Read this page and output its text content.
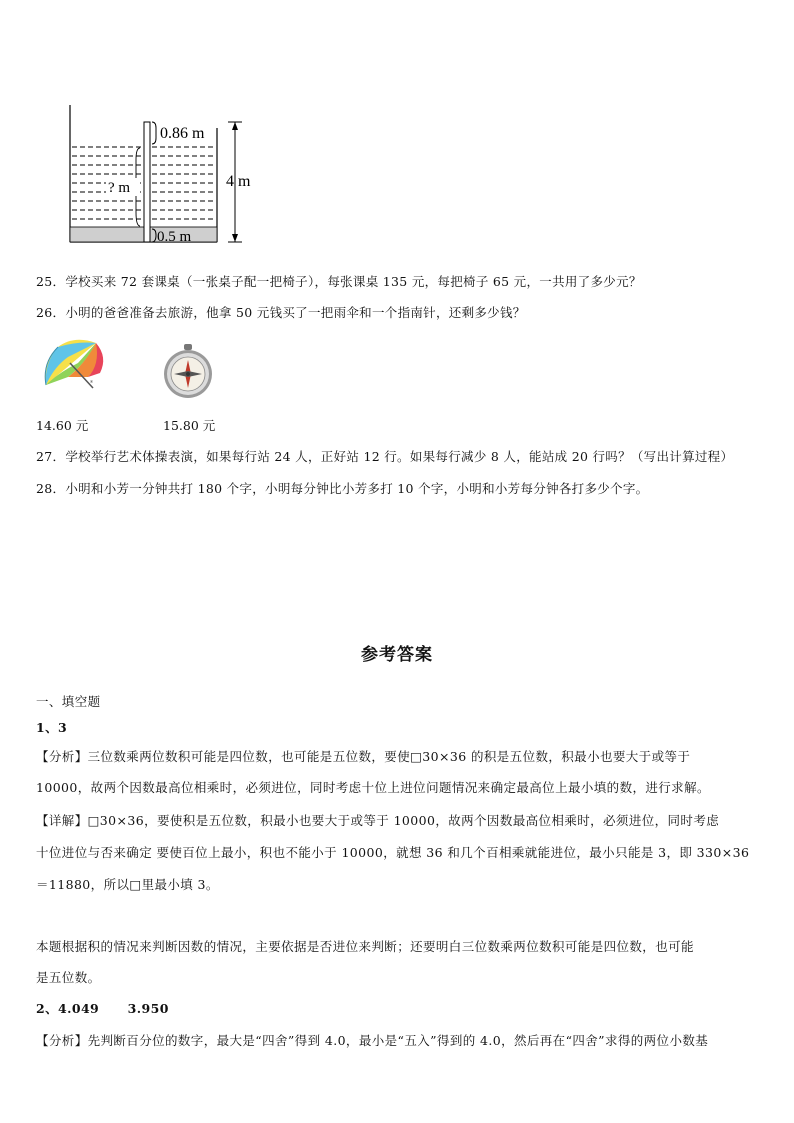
0.86 m
? m	4 m
0.5 m
25．学校买来 72 套课桌（一张桌子配一把椅子），每张课桌 135 元，每把椅子 65 元，一共用了多少元？
26．小明的爸爸准备去旅游，他拿 50 元钱买了一把雨伞和一个指南针，还剩多少钱？
*
14.60 元	15.80 元
27．学校举行艺术体操表演，如果每行站 24 人，正好站 12 行。如果每行减少 8 人，能站成 20 行吗？（写出计算过程）
28．小明和小芳一分钟共打 180 个字，小明每分钟比小芳多打 10 个字，小明和小芳每分钟各打多少个字。
参考答案
一、填空题
1、3
【分析】三位数乘两位数积可能是四位数，也可能是五位数，要使□30×36 的积是五位数，积最小也要大于或等于
10000，故两个因数最高位相乘时，必须进位，同时考虑十位上进位问题情况来确定最高位上最小填的数，进行求解。
【详解】□30×36，要使积是五位数，积最小也要大于或等于 10000，故两个因数最高位相乘时，必须进位，同时考虑
十位进位与否来确定 要使百位上最小，积也不能小于 10000，就想 36 和几个百相乘就能进位，最小只能是 3，即 330×36
＝11880，所以□里最小填 3。
本题根据积的情况来判断因数的情况，主要依据是否进位来判断；还要明白三位数乘两位数积可能是四位数，也可能
是五位数。
2、4.049      3.950
【分析】先判断百分位的数字，最大是“四舍”得到 4.0，最小是“五入”得到的 4.0，然后再在“四舍”求得的两位小数基
